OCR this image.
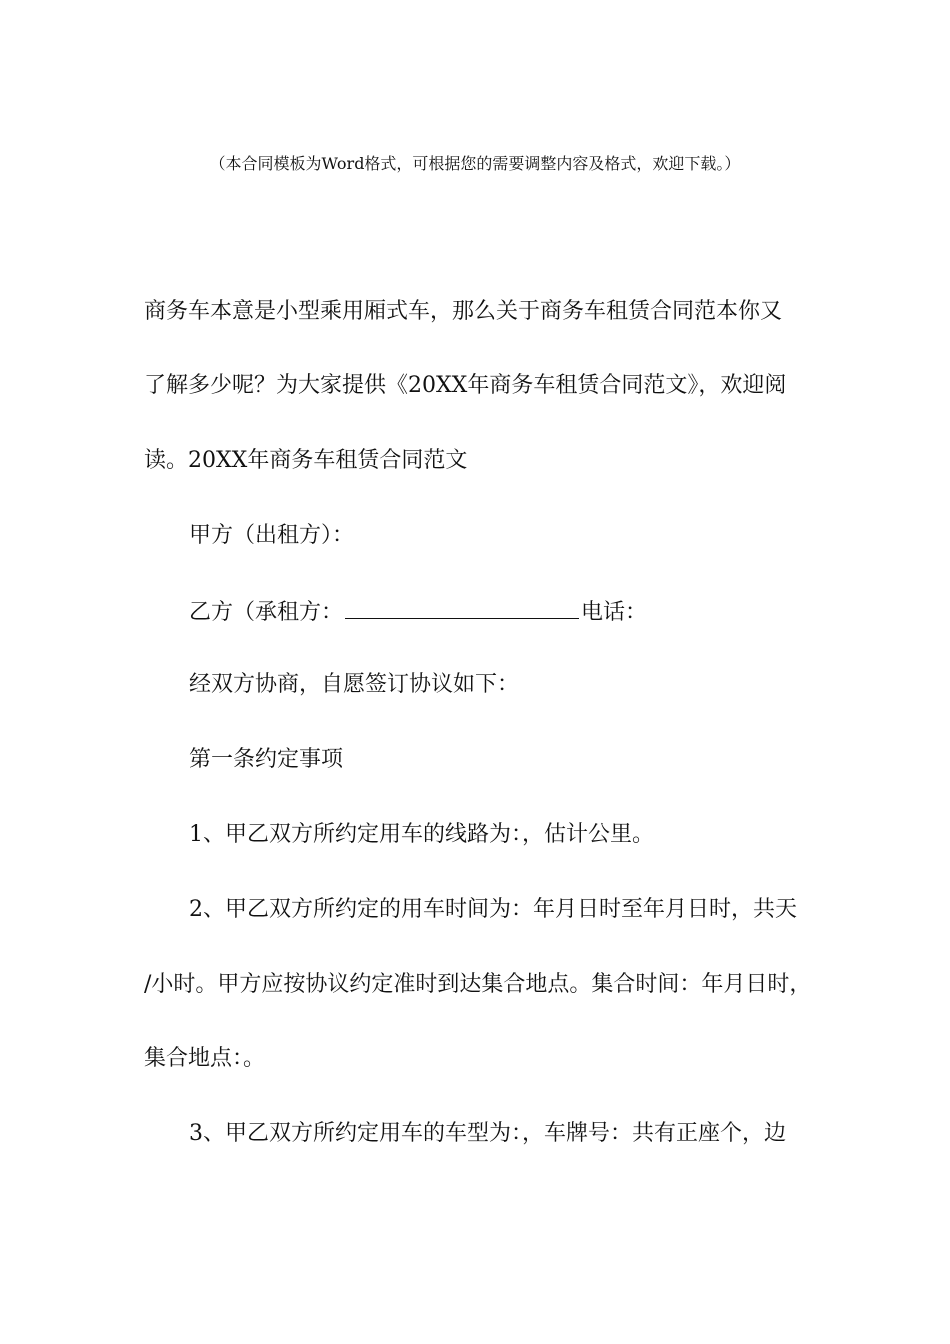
（本合同模板为Word格式，可根据您的需要调整内容及格式，欢迎下载。）
商务车本意是小型乘用厢式车，那么关于商务车租赁合同范本你又
了解多少呢？为大家提供《20XX年商务车租赁合同范文》，欢迎阅
读。20XX年商务车租赁合同范文
甲方（出租方）：
乙方（承租方：	电话：
经双方协商，自愿签订协议如下：
第一条约定事项
1、甲乙双方所约定用车的线路为：，估计公里。
2、甲乙双方所约定的用车时间为：年月日时至年月日时，共天
/小时。甲方应按协议约定准时到达集合地点。集合时间：年月日时，
集合地点：。
3、甲乙双方所约定用车的车型为：，车牌号：共有正座个，边
